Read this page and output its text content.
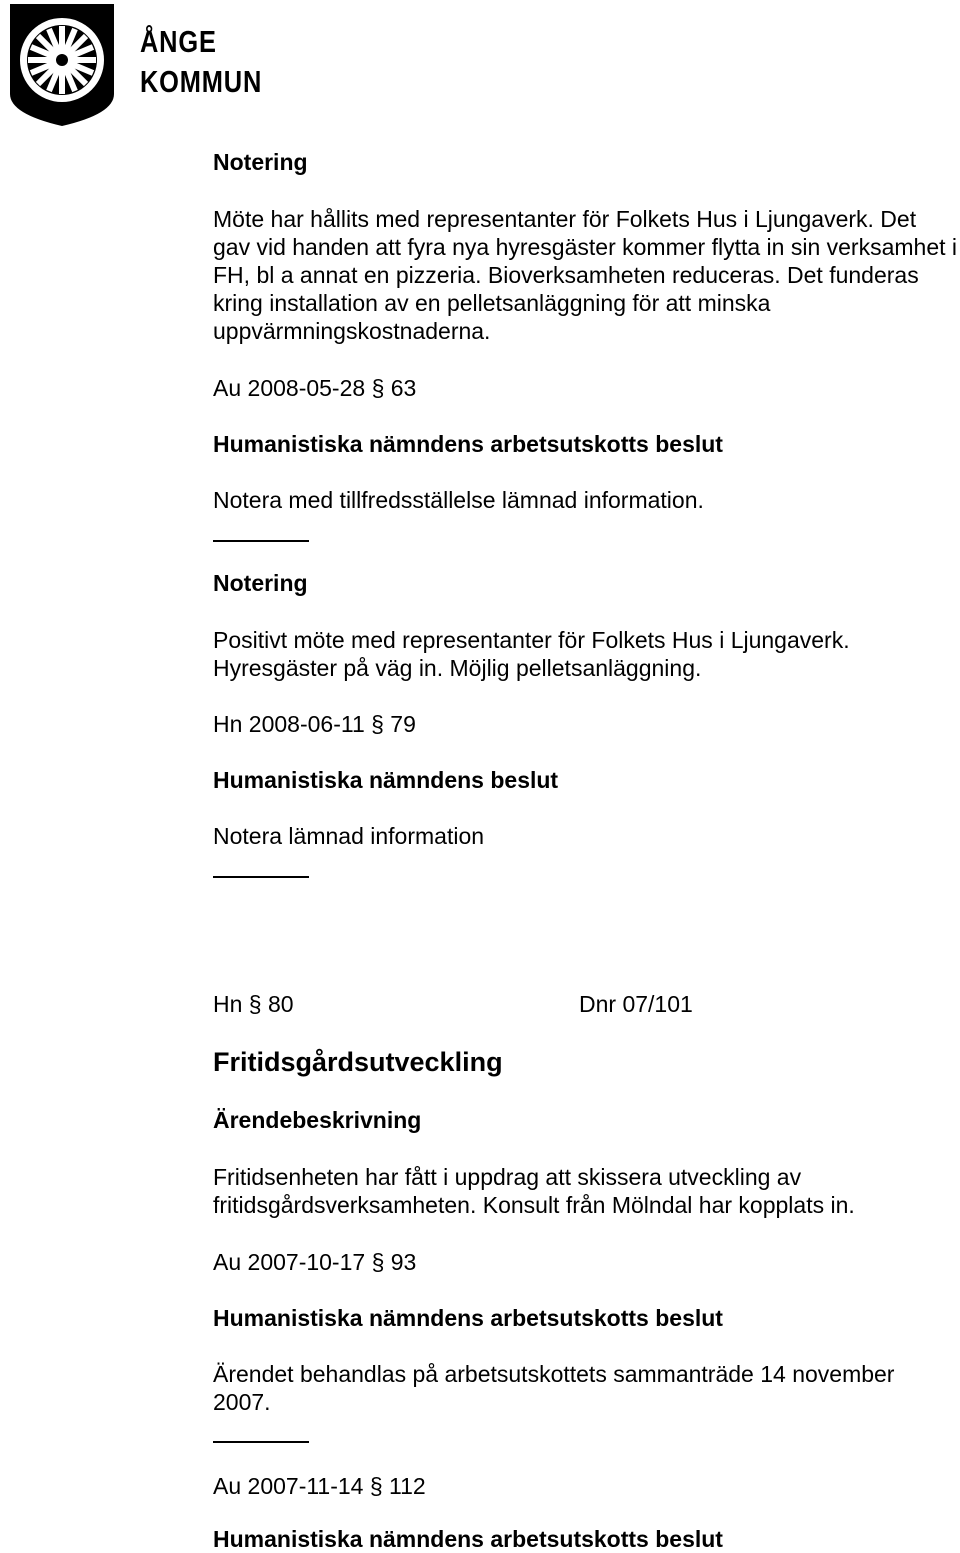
ÅNGE
KOMMUN
Notering
Möte har hållits med representanter för Folkets Hus i Ljungaverk. Det gav vid handen att fyra nya hyresgäster kommer flytta in sin verksamhet i FH, bl a annat en pizzeria. Bioverksamheten reduceras. Det funderas kring installation av en pelletsanläggning för att minska uppvärmningskostnaderna.
Au 2008-05-28 § 63
Humanistiska nämndens arbetsutskotts beslut
Notera med tillfredsställelse lämnad information.
Notering
Positivt möte med representanter för Folkets Hus i Ljungaverk.
Hyresgäster på väg in. Möjlig pelletsanläggning.
Hn 2008-06-11 § 79
Humanistiska nämndens beslut
Notera lämnad information
Hn § 80	Dnr 07/101
Fritidsgårdsutveckling
Ärendebeskrivning
Fritidsenheten har fått i uppdrag att skissera utveckling av
fritidsgårdsverksamheten. Konsult från Mölndal har kopplats in.
Au 2007-10-17 § 93
Humanistiska nämndens arbetsutskotts beslut
Ärendet behandlas på arbetsutskottets sammanträde 14 november
2007.
Au 2007-11-14 § 112
Humanistiska nämndens arbetsutskotts beslut
